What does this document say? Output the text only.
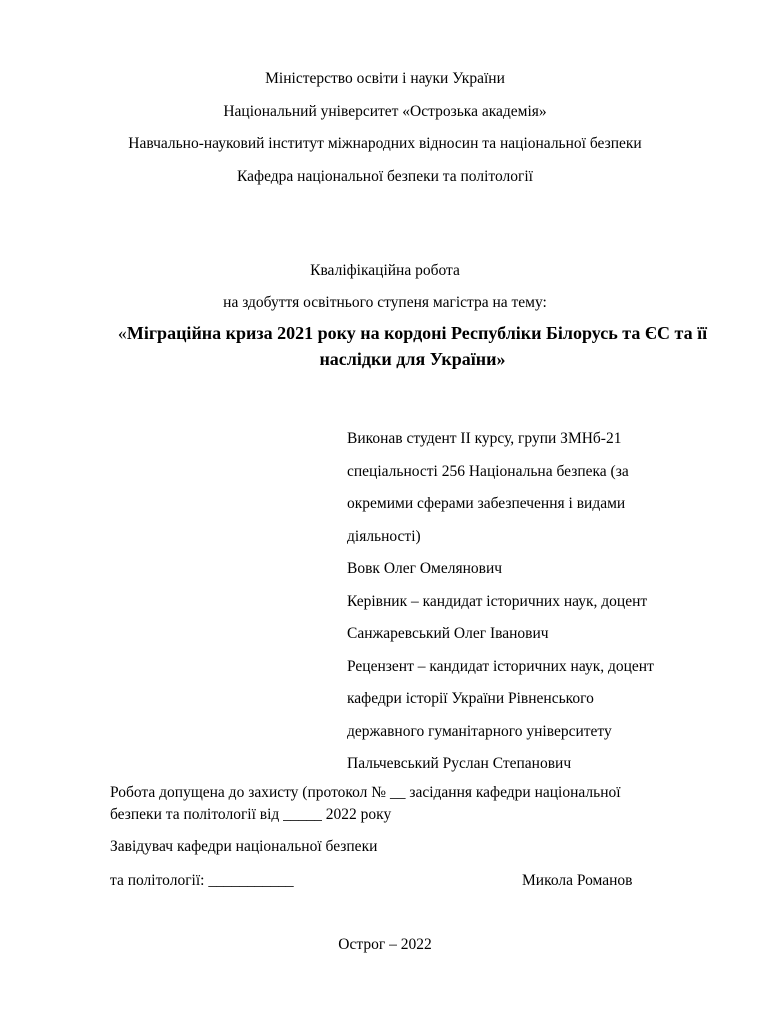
Міністерство освіти і науки України
Національний університет «Острозька академія»
Навчально-науковий інститут міжнародних відносин та національної безпеки
Кафедра національної безпеки та політології
Кваліфікаційна робота
на здобуття освітнього ступеня магістра на тему:
«Міграційна криза 2021 року на кордоні Республіки Білорусь та ЄС та її наслідки для України»
Виконав студент ІІ курсу, групи ЗМНб-21
спеціальності 256 Національна безпека (за
окремими сферами забезпечення і видами
діяльності)
Вовк Олег Омелянович
Керівник – кандидат історичних наук, доцент
Санжаревський Олег Іванович
Рецензент – кандидат історичних наук, доцент
кафедри історії України Рівненського
державного гуманітарного університету
Пальчевський Руслан Степанович
Робота допущена до захисту (протокол № __ засідання кафедри національної
безпеки та політології від _____ 2022 року
Завідувач кафедри національної безпеки
та політології: ___________	Микола Романов
Острог – 2022
